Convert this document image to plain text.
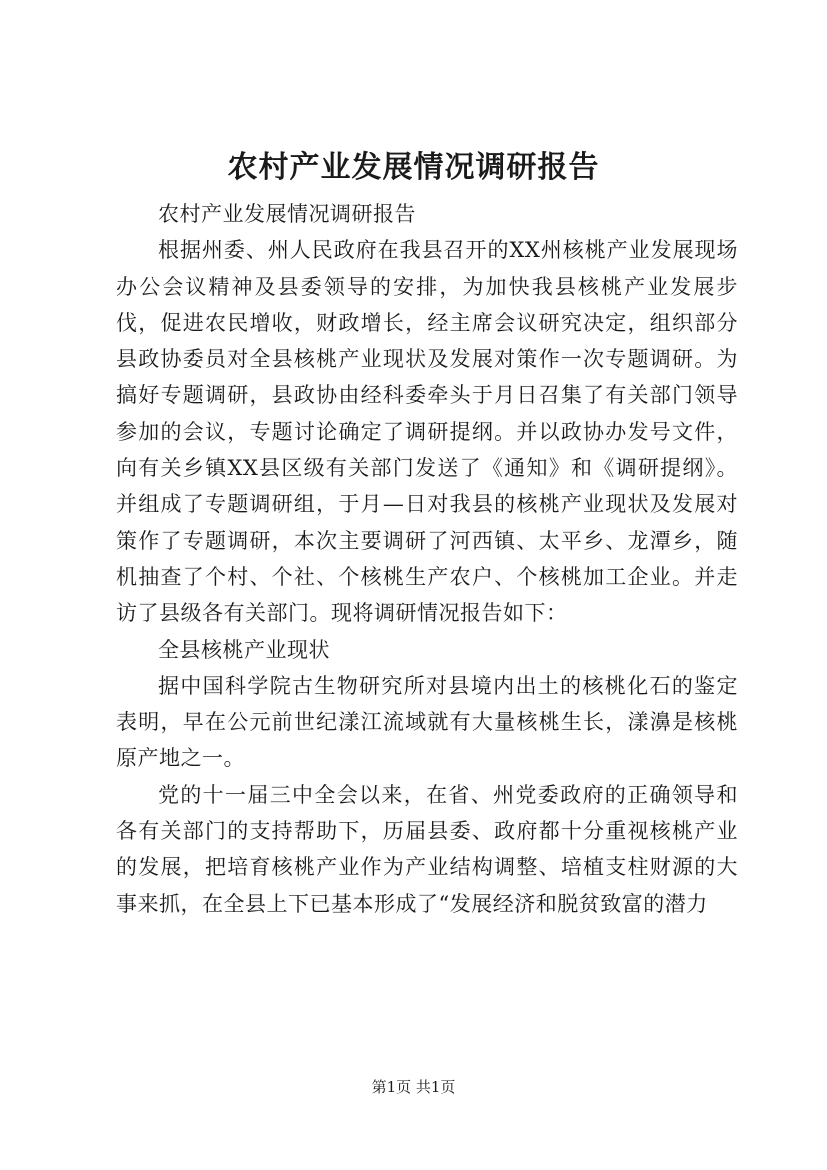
农村产业发展情况调研报告

农村产业发展情况调研报告

根据州委、州人民政府在我县召开的XX州核桃产业发展现场办公会议精神及县委领导的安排，为加快我县核桃产业发展步伐，促进农民增收，财政增长，经主席会议研究决定，组织部分县政协委员对全县核桃产业现状及发展对策作一次专题调研。为搞好专题调研，县政协由经科委牵头于月日召集了有关部门领导参加的会议，专题讨论确定了调研提纲。并以政协办发号文件，向有关乡镇XX县区级有关部门发送了《通知》和《调研提纲》。并组成了专题调研组，于月—日对我县的核桃产业现状及发展对策作了专题调研，本次主要调研了河西镇、太平乡、龙潭乡，随机抽查了个村、个社、个核桃生产农户、个核桃加工企业。并走访了县级各有关部门。现将调研情况报告如下：

全县核桃产业现状

据中国科学院古生物研究所对县境内出土的核桃化石的鉴定表明，早在公元前世纪漾江流域就有大量核桃生长，漾濞是核桃原产地之一。

党的十一届三中全会以来，在省、州党委政府的正确领导和各有关部门的支持帮助下，历届县委、政府都十分重视核桃产业的发展，把培育核桃产业作为产业结构调整、培植支柱财源的大事来抓，在全县上下已基本形成了“发展经济和脱贫致富的潜力

第1页 共1页
